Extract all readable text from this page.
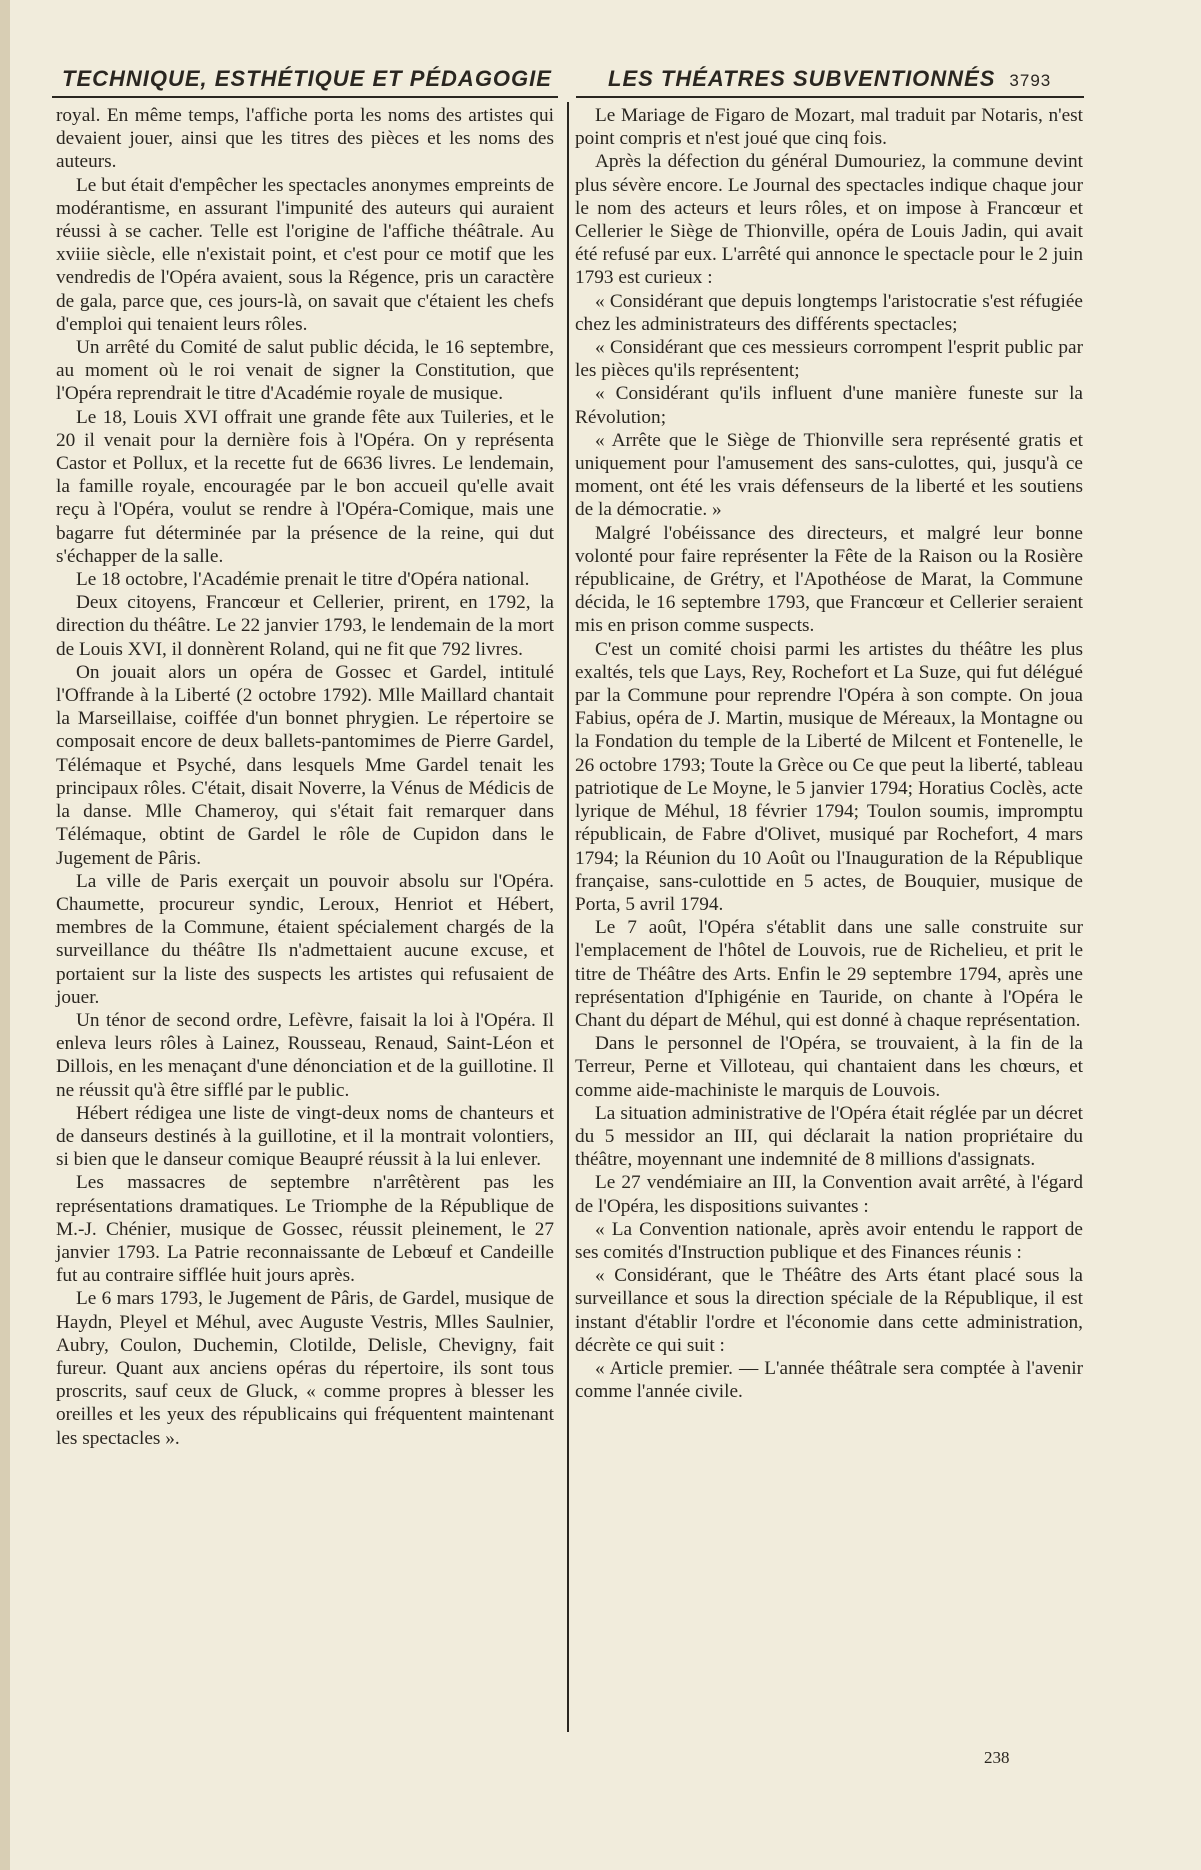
TECHNIQUE, ESTHÉTIQUE ET PÉDAGOGIE	LES THÉATRES SUBVENTIONNÉS 3793

royal. En même temps, l'affiche porta les noms des artistes qui devaient jouer, ainsi que les titres des pièces et les noms des auteurs.

Le but était d'empêcher les spectacles anonymes empreints de modérantisme, en assurant l'impunité des auteurs qui auraient réussi à se cacher. Telle est l'origine de l'affiche théâtrale. Au xviiie siècle, elle n'existait point, et c'est pour ce motif que les vendredis de l'Opéra avaient, sous la Régence, pris un caractère de gala, parce que, ces jours-là, on savait que c'étaient les chefs d'emploi qui tenaient leurs rôles.

Un arrêté du Comité de salut public décida, le 16 septembre, au moment où le roi venait de signer la Constitution, que l'Opéra reprendrait le titre d'Académie royale de musique.

Le 18, Louis XVI offrait une grande fête aux Tuileries, et le 20 il venait pour la dernière fois à l'Opéra. On y représenta Castor et Pollux, et la recette fut de 6636 livres. Le lendemain, la famille royale, encouragée par le bon accueil qu'elle avait reçu à l'Opéra, voulut se rendre à l'Opéra-Comique, mais une bagarre fut déterminée par la présence de la reine, qui dut s'échapper de la salle.

Le 18 octobre, l'Académie prenait le titre d'Opéra national.

Deux citoyens, Francœur et Cellerier, prirent, en 1792, la direction du théâtre. Le 22 janvier 1793, le lendemain de la mort de Louis XVI, il donnèrent Roland, qui ne fit que 792 livres.

On jouait alors un opéra de Gossec et Gardel, intitulé l'Offrande à la Liberté (2 octobre 1792). Mlle Maillard chantait la Marseillaise, coiffée d'un bonnet phrygien. Le répertoire se composait encore de deux ballets-pantomimes de Pierre Gardel, Télémaque et Psyché, dans lesquels Mme Gardel tenait les principaux rôles. C'était, disait Noverre, la Vénus de Médicis de la danse. Mlle Chameroy, qui s'était fait remarquer dans Télémaque, obtint de Gardel le rôle de Cupidon dans le Jugement de Pâris.

La ville de Paris exerçait un pouvoir absolu sur l'Opéra. Chaumette, procureur syndic, Leroux, Henriot et Hébert, membres de la Commune, étaient spécialement chargés de la surveillance du théâtre Ils n'admettaient aucune excuse, et portaient sur la liste des suspects les artistes qui refusaient de jouer.

Un ténor de second ordre, Lefèvre, faisait la loi à l'Opéra. Il enleva leurs rôles à Lainez, Rousseau, Renaud, Saint-Léon et Dillois, en les menaçant d'une dénonciation et de la guillotine. Il ne réussit qu'à être sifflé par le public.

Hébert rédigea une liste de vingt-deux noms de chanteurs et de danseurs destinés à la guillotine, et il la montrait volontiers, si bien que le danseur comique Beaupré réussit à la lui enlever.

Les massacres de septembre n'arrêtèrent pas les représentations dramatiques. Le Triomphe de la République de M.-J. Chénier, musique de Gossec, réussit pleinement, le 27 janvier 1793. La Patrie reconnaissante de Lebœuf et Candeille fut au contraire sifflée huit jours après.

Le 6 mars 1793, le Jugement de Pâris, de Gardel, musique de Haydn, Pleyel et Méhul, avec Auguste Vestris, Mlles Saulnier, Aubry, Coulon, Duchemin, Clotilde, Delisle, Chevigny, fait fureur. Quant aux anciens opéras du répertoire, ils sont tous proscrits, sauf ceux de Gluck, « comme propres à blesser les oreilles et les yeux des républicains qui fréquentent maintenant les spectacles ».

Le Mariage de Figaro de Mozart, mal traduit par Notaris, n'est point compris et n'est joué que cinq fois.

Après la défection du général Dumouriez, la commune devint plus sévère encore. Le Journal des spectacles indique chaque jour le nom des acteurs et leurs rôles, et on impose à Francœur et Cellerier le Siège de Thionville, opéra de Louis Jadin, qui avait été refusé par eux. L'arrêté qui annonce le spectacle pour le 2 juin 1793 est curieux :

« Considérant que depuis longtemps l'aristocratie s'est réfugiée chez les administrateurs des différents spectacles;

« Considérant que ces messieurs corrompent l'esprit public par les pièces qu'ils représentent;

« Considérant qu'ils influent d'une manière funeste sur la Révolution;

« Arrête que le Siège de Thionville sera représenté gratis et uniquement pour l'amusement des sans-culottes, qui, jusqu'à ce moment, ont été les vrais défenseurs de la liberté et les soutiens de la démocratie. »

Malgré l'obéissance des directeurs, et malgré leur bonne volonté pour faire représenter la Fête de la Raison ou la Rosière républicaine, de Grétry, et l'Apothéose de Marat, la Commune décida, le 16 septembre 1793, que Francœur et Cellerier seraient mis en prison comme suspects.

C'est un comité choisi parmi les artistes du théâtre les plus exaltés, tels que Lays, Rey, Rochefort et La Suze, qui fut délégué par la Commune pour reprendre l'Opéra à son compte. On joua Fabius, opéra de J. Martin, musique de Méreaux, la Montagne ou la Fondation du temple de la Liberté de Milcent et Fontenelle, le 26 octobre 1793; Toute la Grèce ou Ce que peut la liberté, tableau patriotique de Le Moyne, le 5 janvier 1794; Horatius Coclès, acte lyrique de Méhul, 18 février 1794; Toulon soumis, impromptu républicain, de Fabre d'Olivet, musiqué par Rochefort, 4 mars 1794; la Réunion du 10 Août ou l'Inauguration de la République française, sans-culottide en 5 actes, de Bouquier, musique de Porta, 5 avril 1794.

Le 7 août, l'Opéra s'établit dans une salle construite sur l'emplacement de l'hôtel de Louvois, rue de Richelieu, et prit le titre de Théâtre des Arts. Enfin le 29 septembre 1794, après une représentation d'Iphigénie en Tauride, on chante à l'Opéra le Chant du départ de Méhul, qui est donné à chaque représentation.

Dans le personnel de l'Opéra, se trouvaient, à la fin de la Terreur, Perne et Villoteau, qui chantaient dans les chœurs, et comme aide-machiniste le marquis de Louvois.

La situation administrative de l'Opéra était réglée par un décret du 5 messidor an III, qui déclarait la nation propriétaire du théâtre, moyennant une indemnité de 8 millions d'assignats.

Le 27 vendémiaire an III, la Convention avait arrêté, à l'égard de l'Opéra, les dispositions suivantes :

« La Convention nationale, après avoir entendu le rapport de ses comités d'Instruction publique et des Finances réunis :

« Considérant, que le Théâtre des Arts étant placé sous la surveillance et sous la direction spéciale de la République, il est instant d'établir l'ordre et l'économie dans cette administration, décrète ce qui suit :

« Article premier. — L'année théâtrale sera comptée à l'avenir comme l'année civile.

238
